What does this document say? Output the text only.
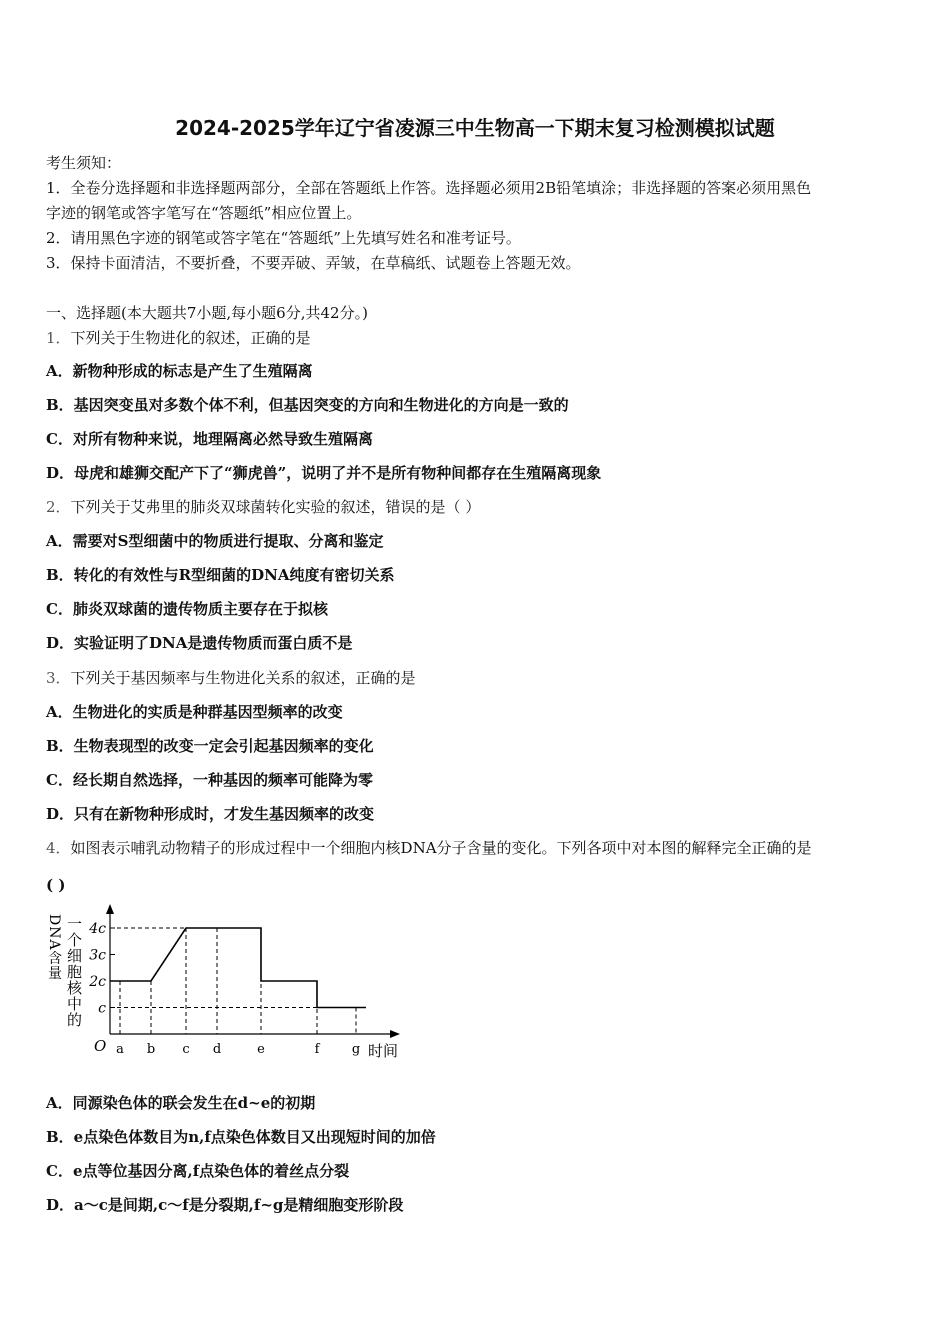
2024-2025学年辽宁省凌源三中生物高一下期末复习检测模拟试题
考生须知：
1．全卷分选择题和非选择题两部分，全部在答题纸上作答。选择题必须用2B铅笔填涂；非选择题的答案必须用黑色
字迹的钢笔或答字笔写在“答题纸”相应位置上。
2．请用黑色字迹的钢笔或答字笔在“答题纸”上先填写姓名和准考证号。
3．保持卡面清洁，不要折叠，不要弄破、弄皱，在草稿纸、试题卷上答题无效。
一、选择题(本大题共7小题,每小题6分,共42分。)
1．下列关于生物进化的叙述，正确的是
A．新物种形成的标志是产生了生殖隔离
B．基因突变虽对多数个体不利，但基因突变的方向和生物进化的方向是一致的
C．对所有物种来说，地理隔离必然导致生殖隔离
D．母虎和雄狮交配产下了“狮虎兽”，说明了并不是所有物种间都存在生殖隔离现象
2．下列关于艾弗里的肺炎双球菌转化实验的叙述，错误的是（ ）
A．需要对S型细菌中的物质进行提取、分离和鉴定
B．转化的有效性与R型细菌的DNA纯度有密切关系
C．肺炎双球菌的遗传物质主要存在于拟核
D．实验证明了DNA是遗传物质而蛋白质不是
3．下列关于基因频率与生物进化关系的叙述，正确的是
A．生物进化的实质是种群基因型频率的改变
B．生物表现型的改变一定会引起基因频率的变化
C．经长期自然选择，一种基因的频率可能降为零
D．只有在新物种形成时，才发生基因频率的改变
4．如图表示哺乳动物精子的形成过程中一个细胞内核DNA分子含量的变化。下列各项中对本图的解释完全正确的是
( )
O
c
2c
3c
4c
a b c d	e	f g 时间
一个细胞核中的
DNA含量
A．同源染色体的联会发生在d~e的初期
B．e点染色体数目为n,f点染色体数目又出现短时间的加倍
C．e点等位基因分离,f点染色体的着丝点分裂
D．a～c是间期,c～f是分裂期,f~g是精细胞变形阶段
